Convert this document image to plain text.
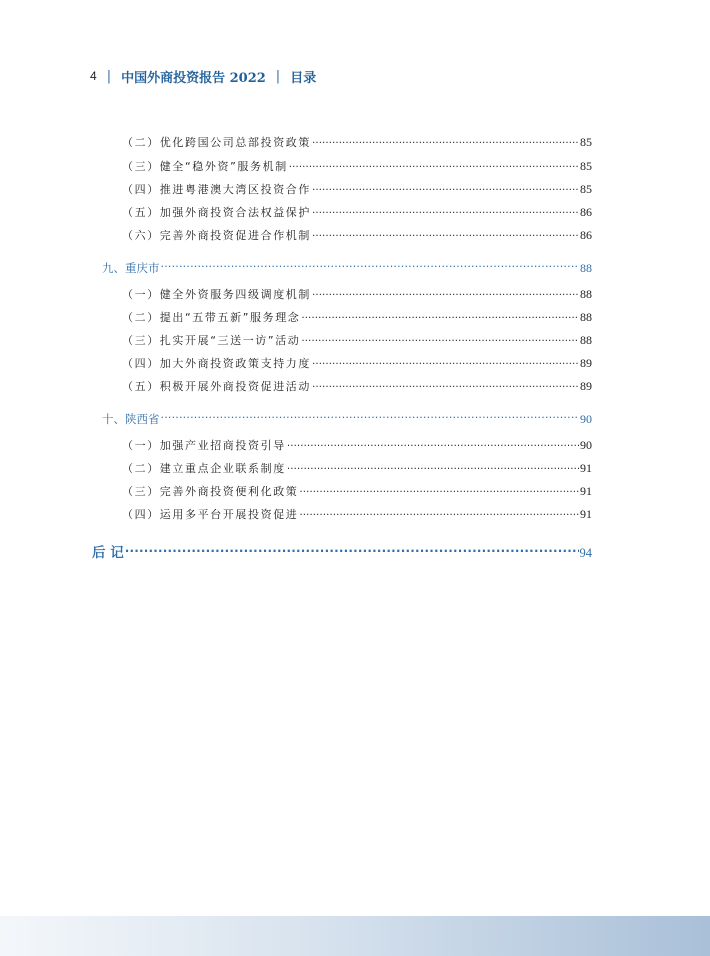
4 | 中国外商投资报告 2022 | 目录
（二）优化跨国公司总部投资政策 ………………………………………………………………………………………………………………………………………………………………………………	85
（三）健全“稳外资”服务机制 ………………………………………………………………………………………………………………………………………………………………………………	85
（四）推进粤港澳大湾区投资合作 ………………………………………………………………………………………………………………………………………………………………………………	85
（五）加强外商投资合法权益保护 ………………………………………………………………………………………………………………………………………………………………………………	86
（六）完善外商投资促进合作机制 ………………………………………………………………………………………………………………………………………………………………………………	86
九、重庆市 ·····	88
（一）健全外资服务四级调度机制 ………………………………………………………………………………………………………………………………………………………………………………	88
（二）提出“五带五新”服务理念 ………………………………………………………………………………………………………………………………………………………………………………	88
（三）扎实开展“三送一访”活动 ………………………………………………………………………………………………………………………………………………………………………………	88
（四）加大外商投资政策支持力度 ………………………………………………………………………………………………………………………………………………………………………………	89
（五）积极开展外商投资促进活动 ………………………………………………………………………………………………………………………………………………………………………………	89
十、陕西省 ·····	90
（一）加强产业招商投资引导 ………………………………………………………………………………………………………………………………………………………………………………	90
（二）建立重点企业联系制度 ………………………………………………………………………………………………………………………………………………………………………………	91
（三）完善外商投资便利化政策 ………………………………………………………………………………………………………………………………………………………………………………	91
（四）运用多平台开展投资促进 ………………………………………………………………………………………………………………………………………………………………………………	91
后 记 ·····	94
